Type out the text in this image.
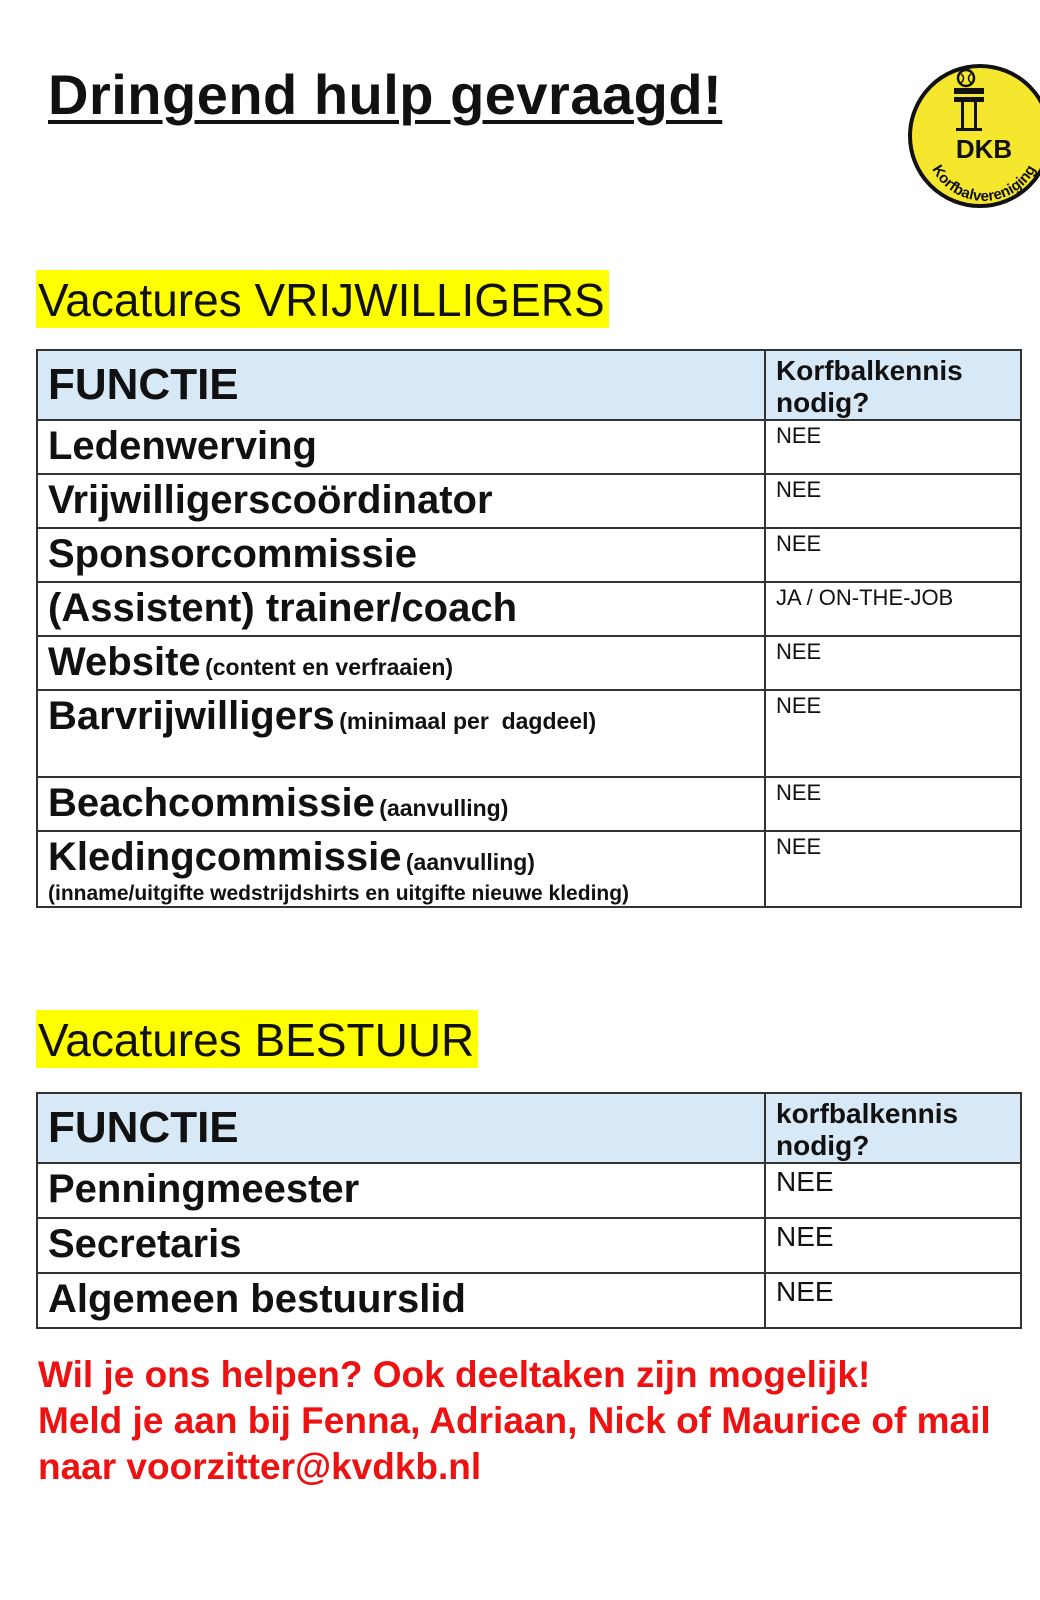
Dringend hulp gevraagd!
DKB
Korfbalvereniging
Vacatures VRIJWILLIGERS
FUNCTIE	Korfbalkennis nodig?
Ledenwerving	NEE
Vrijwilligerscoördinator	NEE
Sponsorcommissie	NEE
(Assistent) trainer/coach	JA / ON-THE-JOB
Website (content en verfraaien)	NEE
Barvrijwilligers (minimaal per  dagdeel)	NEE
Beachcommissie (aanvulling)	NEE
Kledingcommissie (aanvulling)
(inname/uitgifte wedstrijdshirts en uitgifte nieuwe kleding)	NEE
Vacatures BESTUUR
FUNCTIE	korfbalkennis nodig?
Penningmeester	NEE
Secretaris	NEE
Algemeen bestuurslid	NEE
Wil je ons helpen? Ook deeltaken zijn mogelijk!
Meld je aan bij Fenna, Adriaan, Nick of Maurice of mail
naar voorzitter@kvdkb.nl
